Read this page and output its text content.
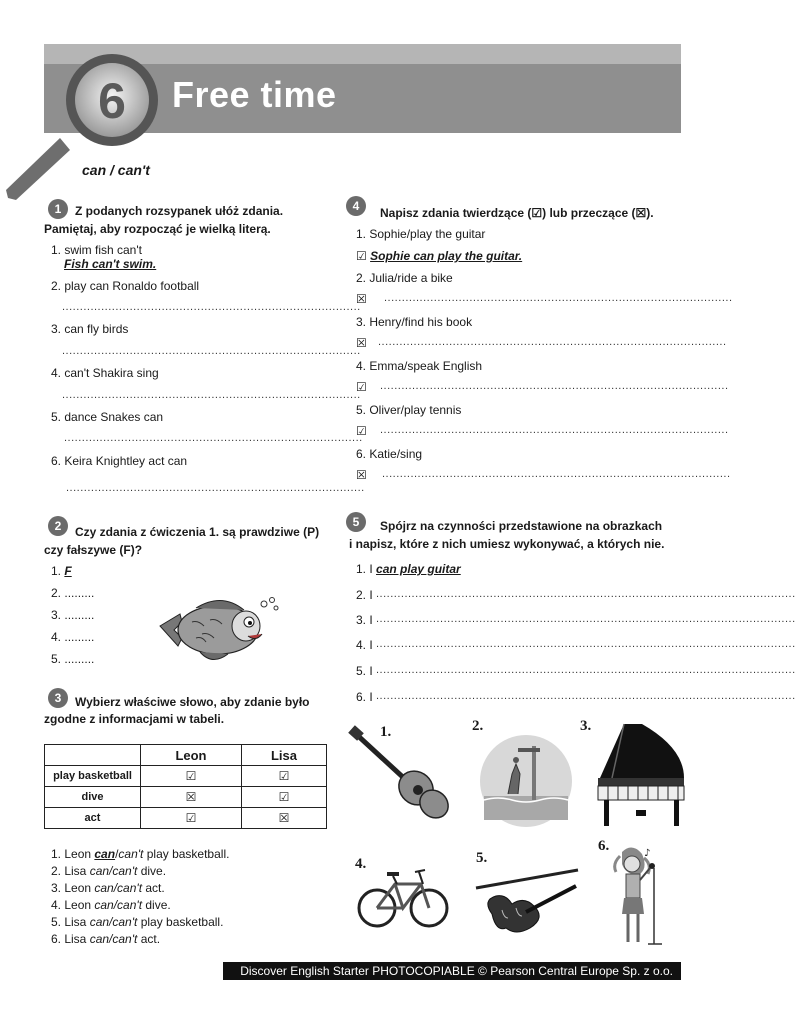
6 Free time
can / can't
1	Z podanych rozsypanek ułóż zdania.
Pamiętaj, aby rozpocząć je wielką literą.
1. swim fish can't
Fish can't swim.
2. play can Ronaldo football
....................................................................................
3. can fly birds
....................................................................................
4. can't Shakira sing
....................................................................................
5. dance Snakes can
....................................................................................
6. Keira Knightley act can
....................................................................................
2	Czy zdania z ćwiczenia 1. są prawdziwe (P)
czy fałszywe (F)?
1. F
2. .........
3. .........
4. .........
5. .........
3	Wybierz właściwe słowo, aby zdanie było
zgodne z informacjami w tabeli.
	Leon	Lisa
play basketball	☑	☑
dive	☒	☑
act	☑	☒
1. Leon can/can't play basketball.
2. Lisa can/can't dive.
3. Leon can/can't act.
4. Leon can/can't dive.
5. Lisa can/can't play basketball.
6. Lisa can/can't act.
4	Napisz zdania twierdzące (☑) lub przeczące (☒).
1. Sophie/play the guitar
☑ Sophie can play the guitar.
2. Julia/ride a bike
☒ ..................................................................................................
3. Henry/find his book
☒ ..................................................................................................
4. Emma/speak English
☑ ..................................................................................................
5. Oliver/play tennis
☑ ..................................................................................................
6. Katie/sing
☒ ..................................................................................................
5	Spójrz na czynności przedstawione na obrazkach
i napisz, które z nich umiesz wykonywać, a których nie.
1. I can play guitar
2. I ......................................................................................................................
3. I ......................................................................................................................
4. I ......................................................................................................................
5. I ......................................................................................................................
6. I ......................................................................................................................
1.	2.	3.
4.	5.
6.	♪
Discover English Starter PHOTOCOPIABLE © Pearson Central Europe Sp. z o.o.
